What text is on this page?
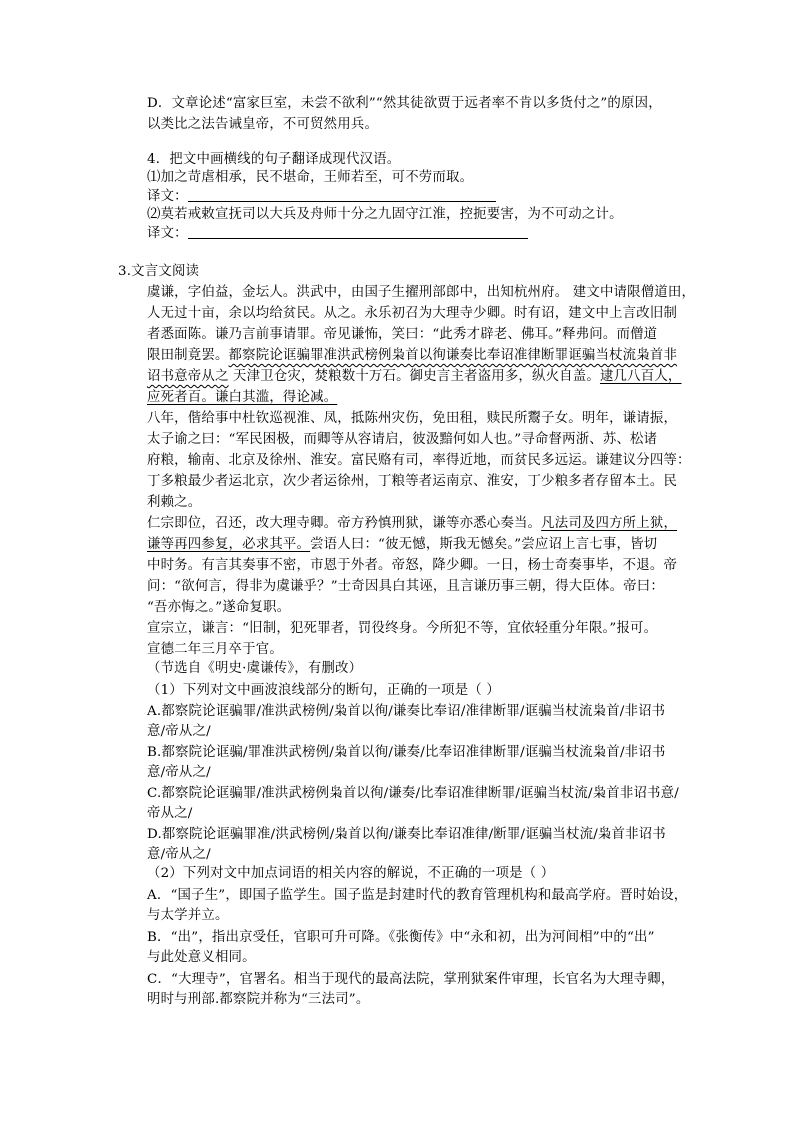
D．文章论述“富家巨室，未尝不欲利”“然其徒欲贾于远者率不肯以多货付之”的原因，
以类比之法告诫皇帝，不可贸然用兵。
4．把文中画横线的句子翻译成现代汉语。
⑴加之苛虐相承，民不堪命，王师若至，可不劳而取。
译文：
⑵莫若戒敕宣抚司以大兵及舟师十分之九固守江淮，控扼要害，为不可动之计。
译文：
3.文言文阅读
虞谦，字伯益，金坛人。洪武中，由国子生擢刑部郎中，出知杭州府。 建文中请限僧道田，
人无过十亩，余以均给贫民。从之。永乐初召为大理寺少卿。时有诏，建文中上言改旧制
者悉面陈。谦乃言前事请罪。帝见谦怖，笑曰：“此秀才辟老、佛耳。”释弗问。而僧道
限田制竟罢。都察院论诓骗罪准洪武榜例枭首以徇谦奏比奉诏准律断罪诓骗当杖流枭首非
诏书意帝从之 天津卫仓灾，焚粮数十万石。御史言主者盗用多，纵火自盖。逮几八百人，
应死者百。谦白其滥，得论减。
八年，偕给事中杜钦巡视淮、凤，抵陈州灾伤，免田租，赎民所鬻子女。明年，谦请振，
太子谕之曰：“军民困极，而卿等从容请启，彼汲黯何如人也。”寻命督两浙、苏、松诸
府粮，输南、北京及徐州、淮安。富民赂有司，率得近地，而贫民多远运。谦建议分四等：
丁多粮最少者运北京，次少者运徐州，丁粮等者运南京、淮安，丁少粮多者存留本土。民
利赖之。
仁宗即位，召还，改大理寺卿。帝方矜慎刑狱，谦等亦悉心奏当。凡法司及四方所上狱，
谦等再四参复，必求其平。尝语人曰：“彼无憾，斯我无憾矣。”尝应诏上言七事，皆切
中时务。有言其奏事不密，市恩于外者。帝怒，降少卿。一日，杨士奇奏事毕，不退。帝
问：“欲何言，得非为虞谦乎？”士奇因具白其诬，且言谦历事三朝，得大臣体。帝曰：
“吾亦悔之。”遂命复职。
宣宗立，谦言：“旧制，犯死罪者，罚役终身。今所犯不等，宜依轻重分年限。”报可。
宣德二年三月卒于官。
（节选自《明史·虞谦传》，有删改）
（1）下列对文中画波浪线部分的断句，正确的一项是（ ）
A.都察院论诓骗罪/准洪武榜例/枭首以徇/谦奏比奉诏/准律断罪/诓骗当杖流枭首/非诏书
意/帝从之/
B.都察院论诓骗/罪准洪武榜例/枭首以徇/谦奏/比奉诏准律断罪/诓骗当杖流枭首/非诏书
意/帝从之/
C.都察院论诓骗罪/准洪武榜例枭首以徇/谦奏/比奉诏准律断罪/诓骗当杖流/枭首非诏书意/
帝从之/
D.都察院论诓骗罪准/洪武榜例/枭首以徇/谦奏比奉诏准律/断罪/诓骗当杖流/枭首非诏书
意/帝从之/
（2）下列对文中加点词语的相关内容的解说，不正确的一项是（ ）
A．“国子生”，即国子监学生。国子监是封建时代的教育管理机构和最高学府。晋时始设，
与太学并立。
B．“出”，指出京受任，官职可升可降。《张衡传》中“永和初，出为河间相”中的“出”
与此处意义相同。
C．“大理寺”，官署名。相当于现代的最高法院，掌刑狱案件审理，长官名为大理寺卿，
明时与刑部.都察院并称为“三法司”。
